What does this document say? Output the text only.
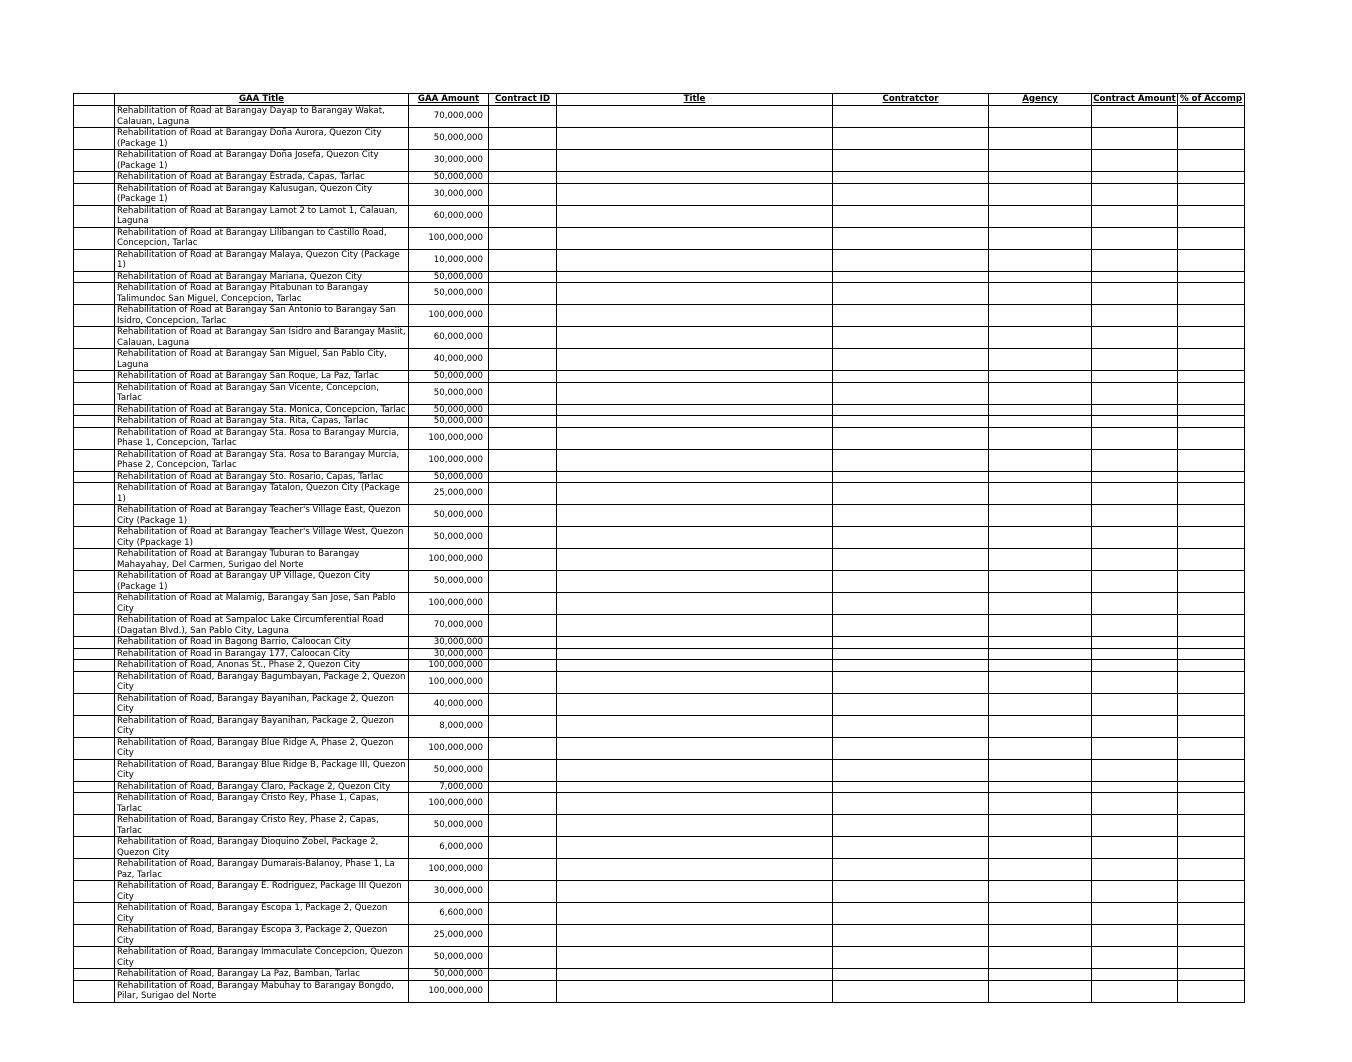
	GAA Title	GAA Amount	Contract ID	Title	Contratctor	Agency	Contract Amount	% of Accomp
	Rehabilitation of Road at Barangay Dayap to Barangay Wakat, Calauan, Laguna	70,000,000						
	Rehabilitation of Road at Barangay Doña Aurora, Quezon City (Package 1)	50,000,000						
	Rehabilitation of Road at Barangay Doña Josefa, Quezon City (Package 1)	30,000,000						
	Rehabilitation of Road at Barangay Estrada, Capas, Tarlac	50,000,000						
	Rehabilitation of Road at Barangay Kalusugan, Quezon City (Package 1)	30,000,000						
	Rehabilitation of Road at Barangay Lamot 2 to Lamot 1, Calauan, Laguna	60,000,000						
	Rehabilitation of Road at Barangay Lilibangan to Castillo Road, Concepcion, Tarlac	100,000,000						
	Rehabilitation of Road at Barangay Malaya, Quezon City (Package 1)	10,000,000						
	Rehabilitation of Road at Barangay Mariana, Quezon City	50,000,000						
	Rehabilitation of Road at Barangay Pitabunan to Barangay Talimundoc San Miguel, Concepcion, Tarlac	50,000,000						
	Rehabilitation of Road at Barangay San Antonio to Barangay San Isidro, Concepcion, Tarlac	100,000,000						
	Rehabilitation of Road at Barangay San Isidro and Barangay Masiit, Calauan, Laguna	60,000,000						
	Rehabilitation of Road at Barangay San Miguel, San Pablo City, Laguna	40,000,000						
	Rehabilitation of Road at Barangay San Roque, La Paz, Tarlac	50,000,000						
	Rehabilitation of Road at Barangay San Vicente, Concepcion, Tarlac	50,000,000						
	Rehabilitation of Road at Barangay Sta. Monica, Concepcion, Tarlac	50,000,000						
	Rehabilitation of Road at Barangay Sta. Rita, Capas, Tarlac	50,000,000						
	Rehabilitation of Road at Barangay Sta. Rosa to Barangay Murcia, Phase 1, Concepcion, Tarlac	100,000,000						
	Rehabilitation of Road at Barangay Sta. Rosa to Barangay Murcia, Phase 2, Concepcion, Tarlac	100,000,000						
	Rehabilitation of Road at Barangay Sto. Rosario, Capas, Tarlac	50,000,000						
	Rehabilitation of Road at Barangay Tatalon, Quezon City (Package 1)	25,000,000						
	Rehabilitation of Road at Barangay Teacher's Village East, Quezon City (Package 1)	50,000,000						
	Rehabilitation of Road at Barangay Teacher's Village West, Quezon City (Ppackage 1)	50,000,000						
	Rehabilitation of Road at Barangay Tuburan to Barangay Mahayahay, Del Carmen, Surigao del Norte	100,000,000						
	Rehabilitation of Road at Barangay UP Village, Quezon City (Package 1)	50,000,000						
	Rehabilitation of Road at Malamig, Barangay San Jose, San Pablo City	100,000,000						
	Rehabilitation of Road at Sampaloc Lake Circumferential Road (Dagatan Blvd.), San Pablo City, Laguna	70,000,000						
	Rehabilitation of Road in Bagong Barrio, Caloocan City	30,000,000						
	Rehabilitation of Road in Barangay 177, Caloocan City	30,000,000						
	Rehabilitation of Road, Anonas St., Phase 2, Quezon City	100,000,000						
	Rehabilitation of Road, Barangay Bagumbayan, Package 2, Quezon City	100,000,000						
	Rehabilitation of Road, Barangay Bayanihan, Package 2, Quezon City	40,000,000						
	Rehabilitation of Road, Barangay Bayanihan, Package 2, Quezon City	8,000,000						
	Rehabilitation of Road, Barangay Blue Ridge A, Phase 2, Quezon City	100,000,000						
	Rehabilitation of Road, Barangay Blue Ridge B, Package III, Quezon City	50,000,000						
	Rehabilitation of Road, Barangay Claro, Package 2, Quezon City	7,000,000						
	Rehabilitation of Road, Barangay Cristo Rey, Phase 1, Capas, Tarlac	100,000,000						
	Rehabilitation of Road, Barangay Cristo Rey, Phase 2, Capas, Tarlac	50,000,000						
	Rehabilitation of Road, Barangay Dioquino Zobel, Package 2, Quezon City	6,000,000						
	Rehabilitation of Road, Barangay Dumarais-Balanoy, Phase 1, La Paz, Tarlac	100,000,000						
	Rehabilitation of Road, Barangay E. Rodriguez, Package III Quezon City	30,000,000						
	Rehabilitation of Road, Barangay Escopa 1, Package 2, Quezon City	6,600,000						
	Rehabilitation of Road, Barangay Escopa 3, Package 2, Quezon City	25,000,000						
	Rehabilitation of Road, Barangay Immaculate Concepcion, Quezon City	50,000,000						
	Rehabilitation of Road, Barangay La Paz, Bamban, Tarlac	50,000,000						
	Rehabilitation of Road, Barangay Mabuhay to Barangay Bongdo, Pilar, Surigao del Norte	100,000,000						
